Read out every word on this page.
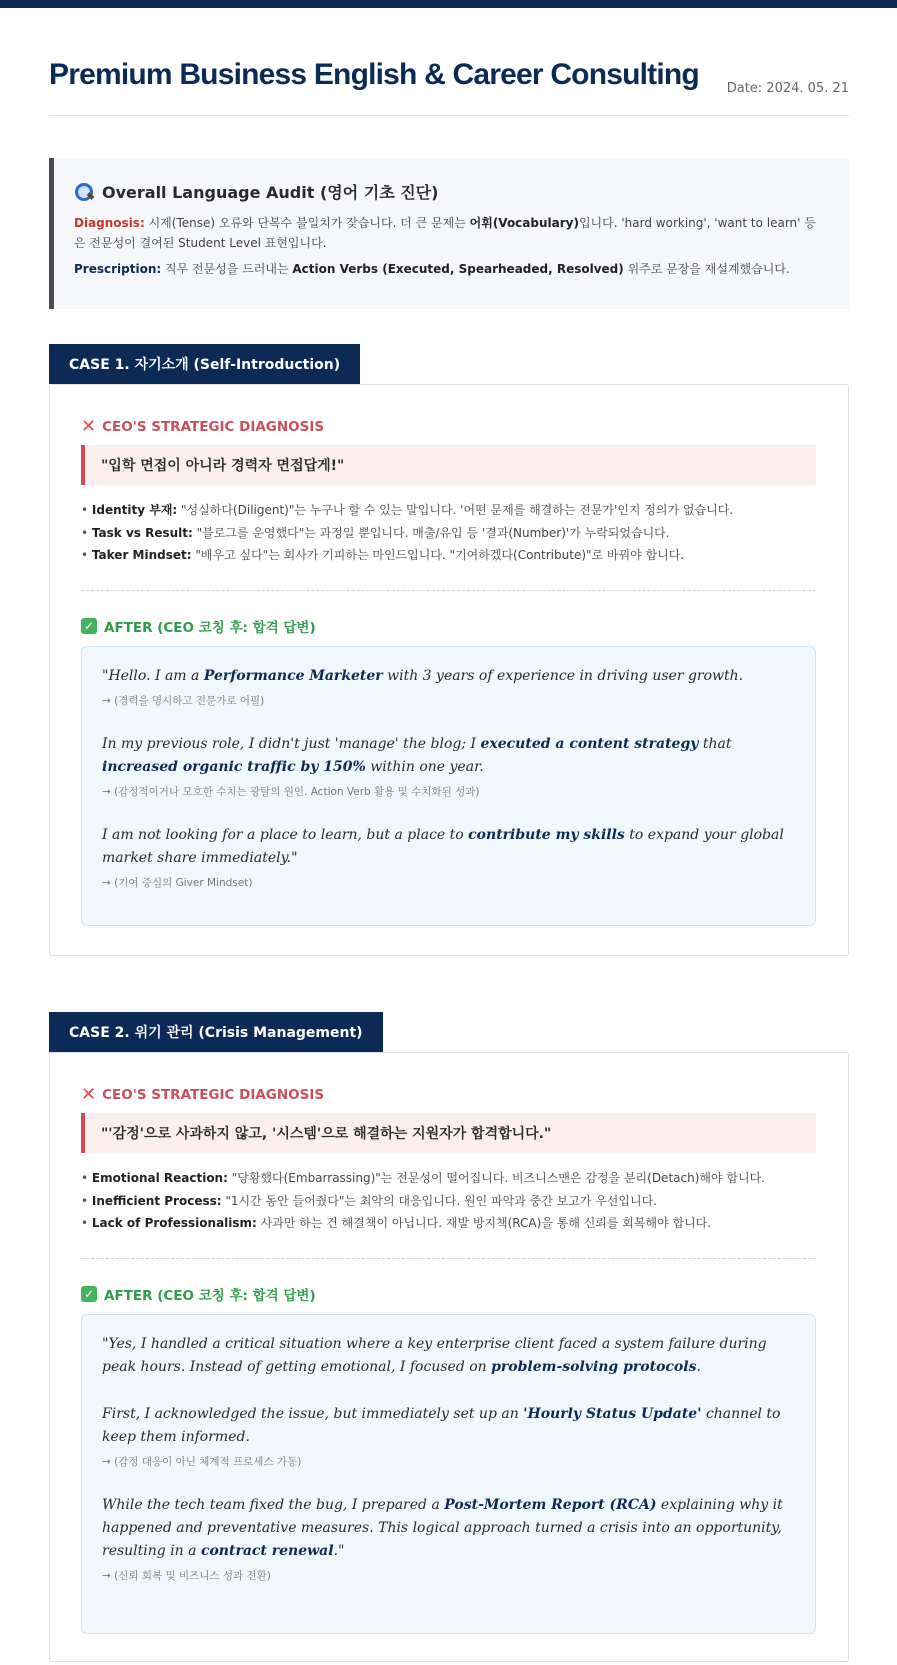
Premium Business English & Career Consulting Date: 2024. 05. 21
Overall Language Audit (영어 기초 진단)

Diagnosis: 시제(Tense) 오류와 단복수 불일치가 잦습니다. 더 큰 문제는 어휘(Vocabulary)입니다. 'hard working', 'want to learn' 등은 전문성이 결여된 Student Level 표현입니다.

Prescription: 직무 전문성을 드러내는 Action Verbs (Executed, Spearheaded, Resolved) 위주로 문장을 재설계했습니다.

CASE 1. 자기소개 (Self-Introduction)
✕ CEO'S STRATEGIC DIAGNOSIS
"입학 면접이 아니라 경력자 면접답게!"
• Identity 부재: "성실하다(Diligent)"는 누구나 할 수 있는 말입니다. '어떤 문제를 해결하는 전문가'인지 정의가 없습니다.
• Task vs Result: "블로그를 운영했다"는 과정일 뿐입니다. 매출/유입 등 '결과(Number)'가 누락되었습니다.
• Taker Mindset: "배우고 싶다"는 회사가 기피하는 마인드입니다. "기여하겠다(Contribute)"로 바꿔야 합니다.
✓ AFTER (CEO 코칭 후: 합격 답변)

"Hello. I am a Performance Marketer with 3 years of experience in driving user growth.

→ (경력을 명시하고 전문가로 어필)

In my previous role, I didn't just 'manage' the blog; I executed a content strategy that increased organic traffic by 150% within one year.

→ (감정적이거나 모호한 수치는 광탈의 원인. Action Verb 활용 및 수치화된 성과)

I am not looking for a place to learn, but a place to contribute my skills to expand your global market share immediately."

→ (기여 중심의 Giver Mindset)
CASE 2. 위기 관리 (Crisis Management)
✕ CEO'S STRATEGIC DIAGNOSIS
"'감정'으로 사과하지 않고, '시스템'으로 해결하는 지원자가 합격합니다."
• Emotional Reaction: "당황했다(Embarrassing)"는 전문성이 떨어집니다. 비즈니스맨은 감정을 분리(Detach)해야 합니다.
• Inefficient Process: "1시간 동안 들어줬다"는 최악의 대응입니다. 원인 파악과 중간 보고가 우선입니다.
• Lack of Professionalism: 사과만 하는 건 해결책이 아닙니다. 재발 방지책(RCA)을 통해 신뢰를 회복해야 합니다.
✓ AFTER (CEO 코칭 후: 합격 답변)

"Yes, I handled a critical situation where a key enterprise client faced a system failure during peak hours. Instead of getting emotional, I focused on problem-solving protocols.

First, I acknowledged the issue, but immediately set up an 'Hourly Status Update' channel to keep them informed.

→ (감정 대응이 아닌 체계적 프로세스 가동)

While the tech team fixed the bug, I prepared a Post-Mortem Report (RCA) explaining why it happened and preventative measures. This logical approach turned a crisis into an opportunity, resulting in a contract renewal."

→ (신뢰 회복 및 비즈니스 성과 전환)
